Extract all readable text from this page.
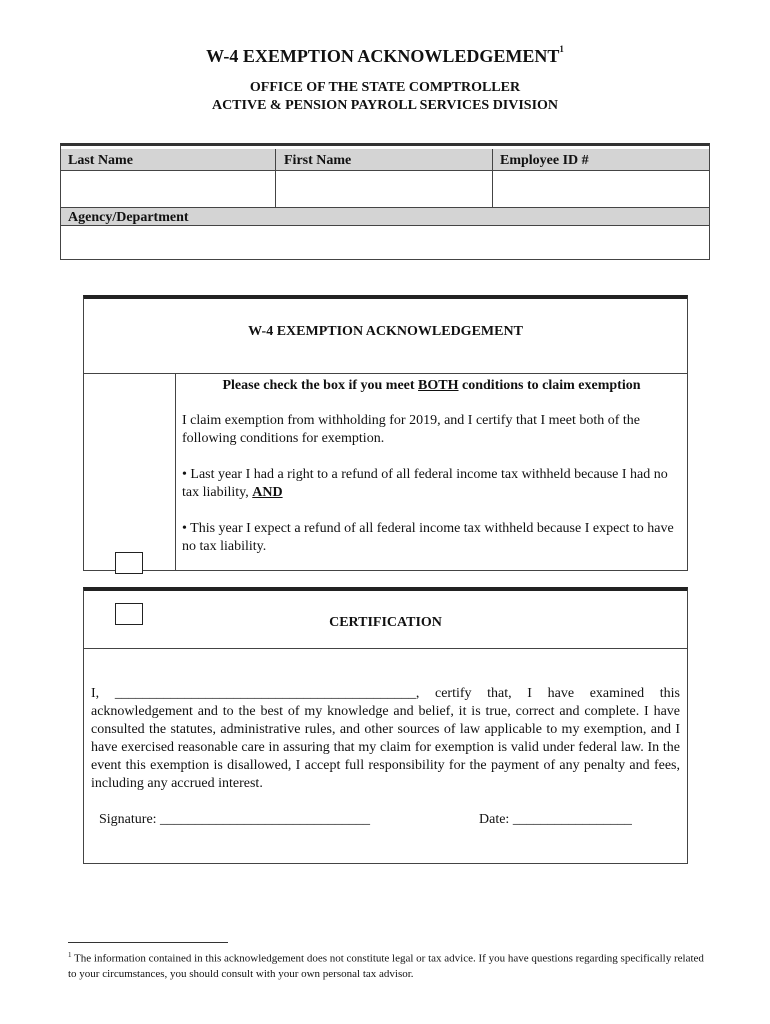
W-4 EXEMPTION ACKNOWLEDGEMENT$^1$
OFFICE OF THE STATE COMPTROLLER
ACTIVE & PENSION PAYROLL SERVICES DIVISION
Last Name	First Name	Employee ID #
Agency/Department
W-4 EXEMPTION ACKNOWLEDGEMENT
Please check the box if you meet BOTH conditions to claim exemption
I claim exemption from withholding for 2019, and I certify that I meet both of the following conditions for exemption.
• Last year I had a right to a refund of all federal income tax withheld because I had no tax liability, AND
• This year I expect a refund of all federal income tax withheld because I expect to have no tax liability.
CERTIFICATION
I, ___________________________________________, certify that, I have examined this acknowledgement and to the best of my knowledge and belief, it is true, correct and complete. I have consulted the statutes, administrative rules, and other sources of law applicable to my exemption, and I have exercised reasonable care in assuring that my claim for exemption is valid under federal law. In the event this exemption is disallowed, I accept full responsibility for the payment of any penalty and fees, including any accrued interest.
Signature: ______________________________	Date: _________________
$^1$ The information contained in this acknowledgement does not constitute legal or tax advice. If you have questions regarding specifically related to your circumstances, you should consult with your own personal tax advisor.
